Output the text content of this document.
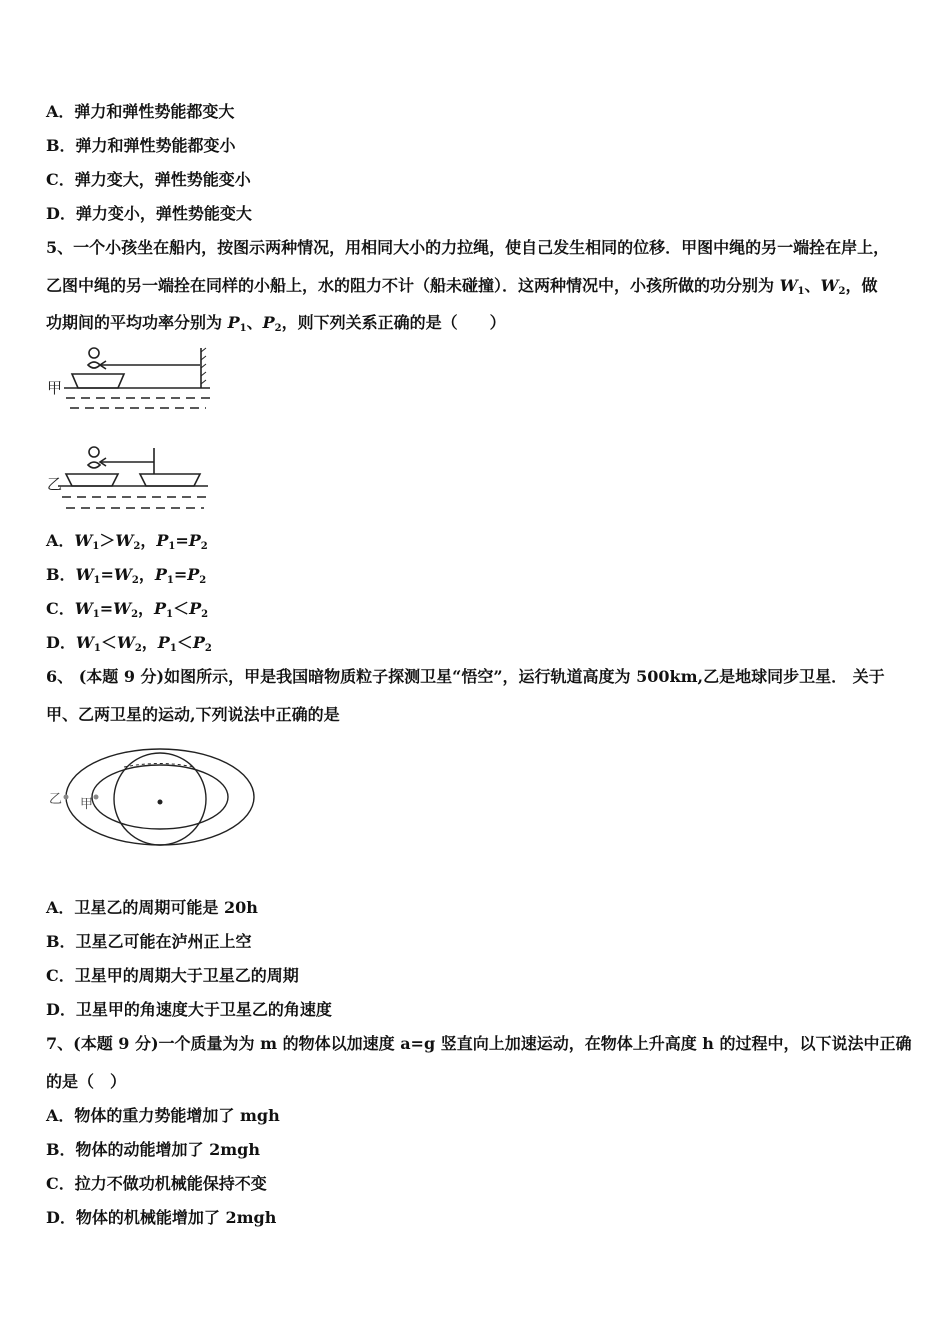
A．弹力和弹性势能都变大
B．弹力和弹性势能都变小
C．弹力变大，弹性势能变小
D．弹力变小，弹性势能变大
5、一个小孩坐在船内，按图示两种情况，用相同大小的力拉绳，使自己发生相同的位移．甲图中绳的另一端拴在岸上，
乙图中绳的另一端拴在同样的小船上，水的阻力不计（船未碰撞）．这两种情况中，小孩所做的功分别为 $W_1$、$W_2$，做
功期间的平均功率分别为 $P_1$、$P_2$，则下列关系正确的是（　　）
甲
乙
A．$W_1>W_2$，$P_1=P_2$
B．$W_1=W_2$，$P_1=P_2$
C．$W_1=W_2$，$P_1<P_2$
D．$W_1<W_2$，$P_1<P_2$
6、 (本题 9 分)如图所示，甲是我国暗物质粒子探测卫星“悟空”，运行轨道高度为 500km,乙是地球同步卫星． 关于
甲、乙两卫星的运动,下列说法中正确的是
乙 甲
A．卫星乙的周期可能是 20h
B．卫星乙可能在泸州正上空
C．卫星甲的周期大于卫星乙的周期
D．卫星甲的角速度大于卫星乙的角速度
7、(本题 9 分)一个质量为为 m 的物体以加速度 a=g 竖直向上加速运动，在物体上升高度 h 的过程中，以下说法中正确
的是（　）
A．物体的重力势能增加了 mgh
B．物体的动能增加了 2mgh
C．拉力不做功机械能保持不变
D．物体的机械能增加了 2mgh
